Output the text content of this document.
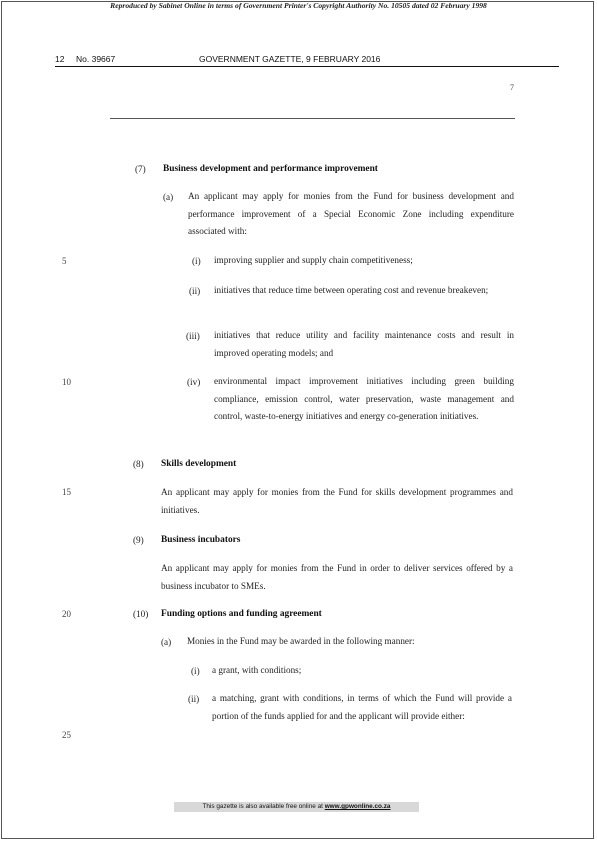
Reproduced by Sabinet Online in terms of Government Printer's Copyright Authority No. 10505 dated 02 February 1998
12 No. 39667	GOVERNMENT GAZETTE, 9 FEBRUARY 2016
7
5
10
15
20
25
(7) Business development and performance improvement
(a) An applicant may apply for monies from the Fund for business development and performance improvement of a Special Economic Zone including expenditure associated with:
(i) improving supplier and supply chain competitiveness;
(ii) initiatives that reduce time between operating cost and revenue breakeven;
(iii) initiatives that reduce utility and facility maintenance costs and result in improved operating models; and
(iv) environmental impact improvement initiatives including green building compliance, emission control, water preservation, waste management and control, waste-to-energy initiatives and energy co-generation initiatives.
(8) Skills development
An applicant may apply for monies from the Fund for skills development programmes and initiatives.
(9) Business incubators
An applicant may apply for monies from the Fund in order to deliver services offered by a business incubator to SMEs.
(10) Funding options and funding agreement
(a) Monies in the Fund may be awarded in the following manner:
(i) a grant, with conditions;
(ii) a matching, grant with conditions, in terms of which the Fund will provide a portion of the funds applied for and the applicant will provide either:
This gazette is also available free online at www.gpwonline.co.za
